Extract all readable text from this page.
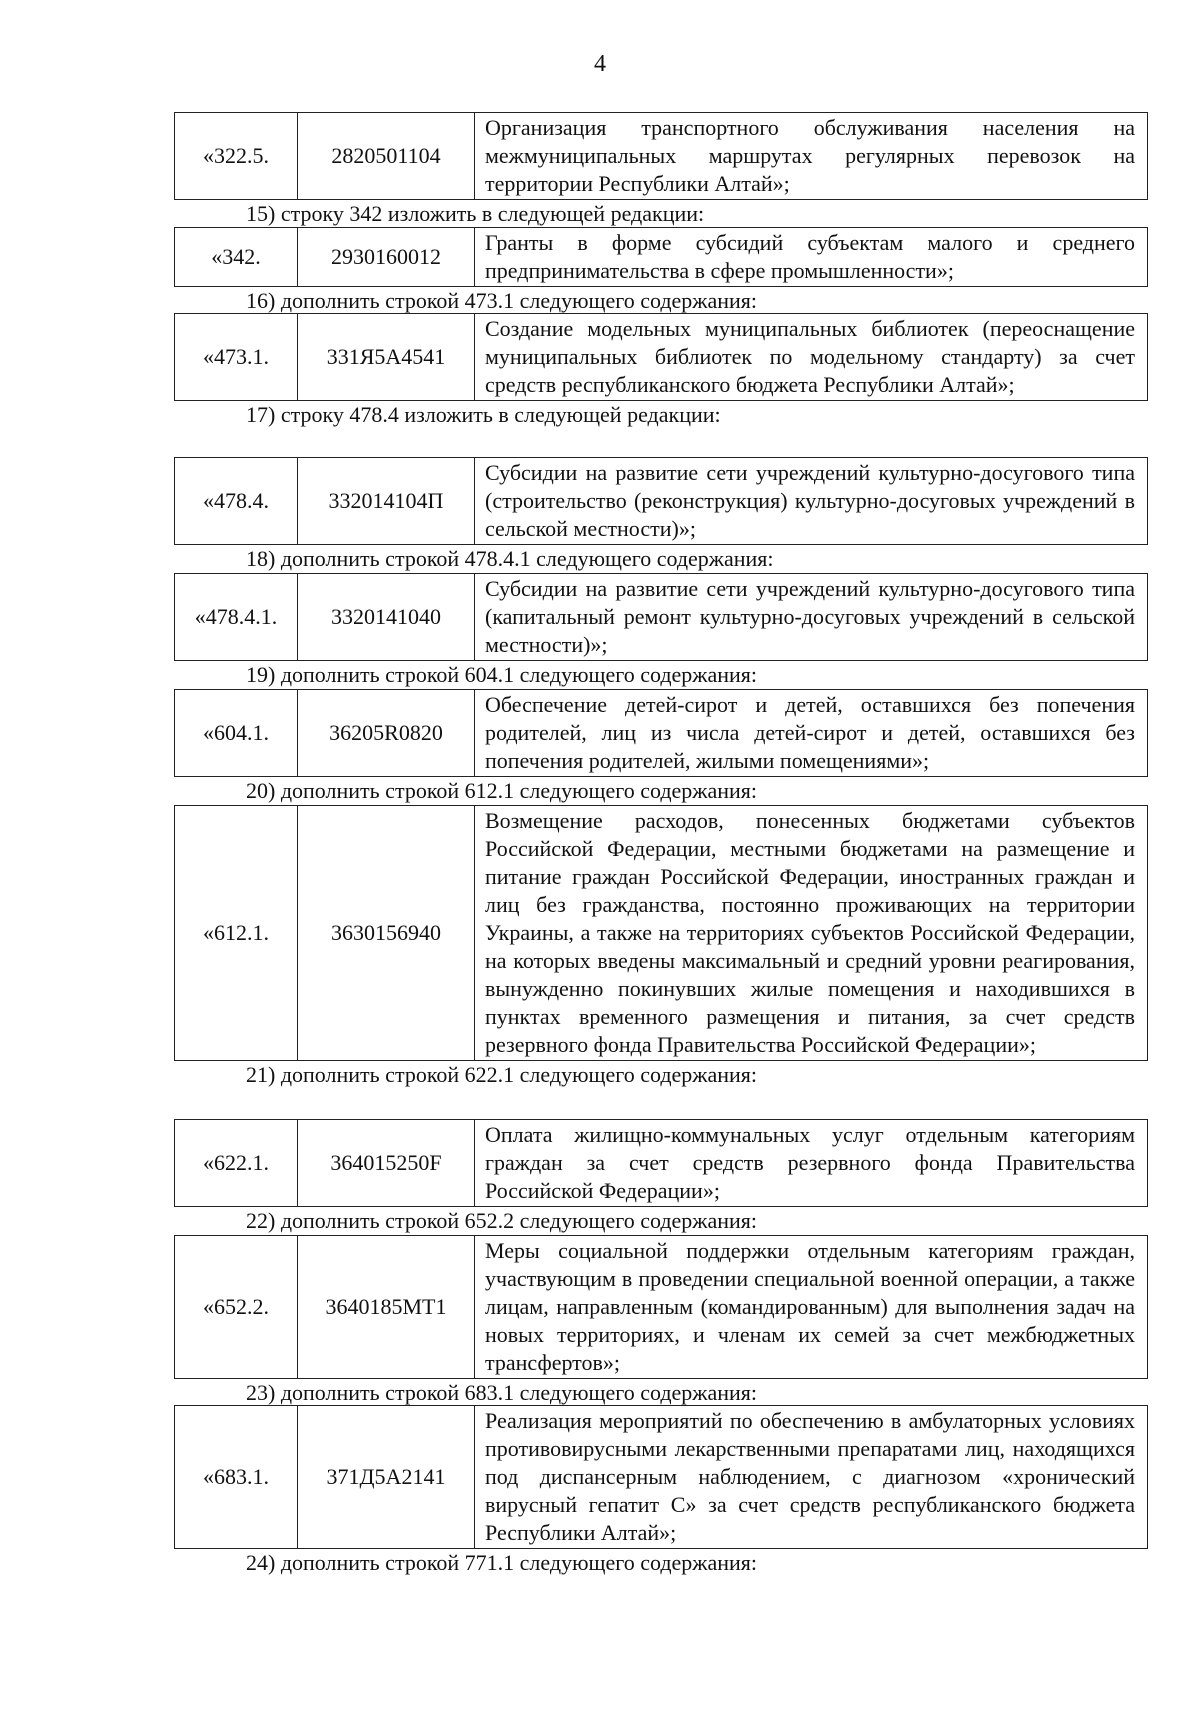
4
«322.5.	2820501104	Организация транспортного обслуживания населения на межмуниципальных маршрутах регулярных перевозок на территории Республики Алтай»;
15) строку 342 изложить в следующей редакции:
«342.	2930160012	Гранты в форме субсидий субъектам малого и среднего предпринимательства в сфере промышленности»;
16) дополнить строкой 473.1 следующего содержания:
«473.1.	331Я5А4541	Создание модельных муниципальных библиотек (переоснащение муниципальных библиотек по модельному стандарту) за счет средств республиканского бюджета Республики Алтай»;
17) строку 478.4 изложить в следующей редакции:
«478.4.	332014104П	Субсидии на развитие сети учреждений культурно-досугового типа (строительство (реконструкция) культурно-досуговых учреждений в сельской местности)»;
18) дополнить строкой 478.4.1 следующего содержания:
«478.4.1.	3320141040	Субсидии на развитие сети учреждений культурно-досугового типа (капитальный ремонт культурно-досуговых учреждений в сельской местности)»;
19) дополнить строкой 604.1 следующего содержания:
«604.1.	36205R0820	Обеспечение детей-сирот и детей, оставшихся без попечения родителей, лиц из числа детей-сирот и детей, оставшихся без попечения родителей, жилыми помещениями»;
20) дополнить строкой 612.1 следующего содержания:
«612.1.	3630156940	Возмещение расходов, понесенных бюджетами субъектов Российской Федерации, местными бюджетами на размещение и питание граждан Российской Федерации, иностранных граждан и лиц без гражданства, постоянно проживающих на территории Украины, а также на территориях субъектов Российской Федерации, на которых введены максимальный и средний уровни реагирования, вынужденно покинувших жилые помещения и находившихся в пунктах временного размещения и питания, за счет средств резервного фонда Правительства Российской Федерации»;
21) дополнить строкой 622.1 следующего содержания:
«622.1.	364015250F	Оплата жилищно-коммунальных услуг отдельным категориям граждан за счет средств резервного фонда Правительства Российской Федерации»;
22) дополнить строкой 652.2 следующего содержания:
«652.2.	3640185МТ1	Меры социальной поддержки отдельным категориям граждан, участвующим в проведении специальной военной операции, а также лицам, направленным (командированным) для выполнения задач на новых территориях, и членам их семей за счет межбюджетных трансфертов»;
23) дополнить строкой 683.1 следующего содержания:
«683.1.	371Д5А2141	Реализация мероприятий по обеспечению в амбулаторных условиях противовирусными лекарственными препаратами лиц, находящихся под диспансерным наблюдением, с диагнозом «хронический вирусный гепатит С» за счет средств республиканского бюджета Республики Алтай»;
24) дополнить строкой 771.1 следующего содержания:
